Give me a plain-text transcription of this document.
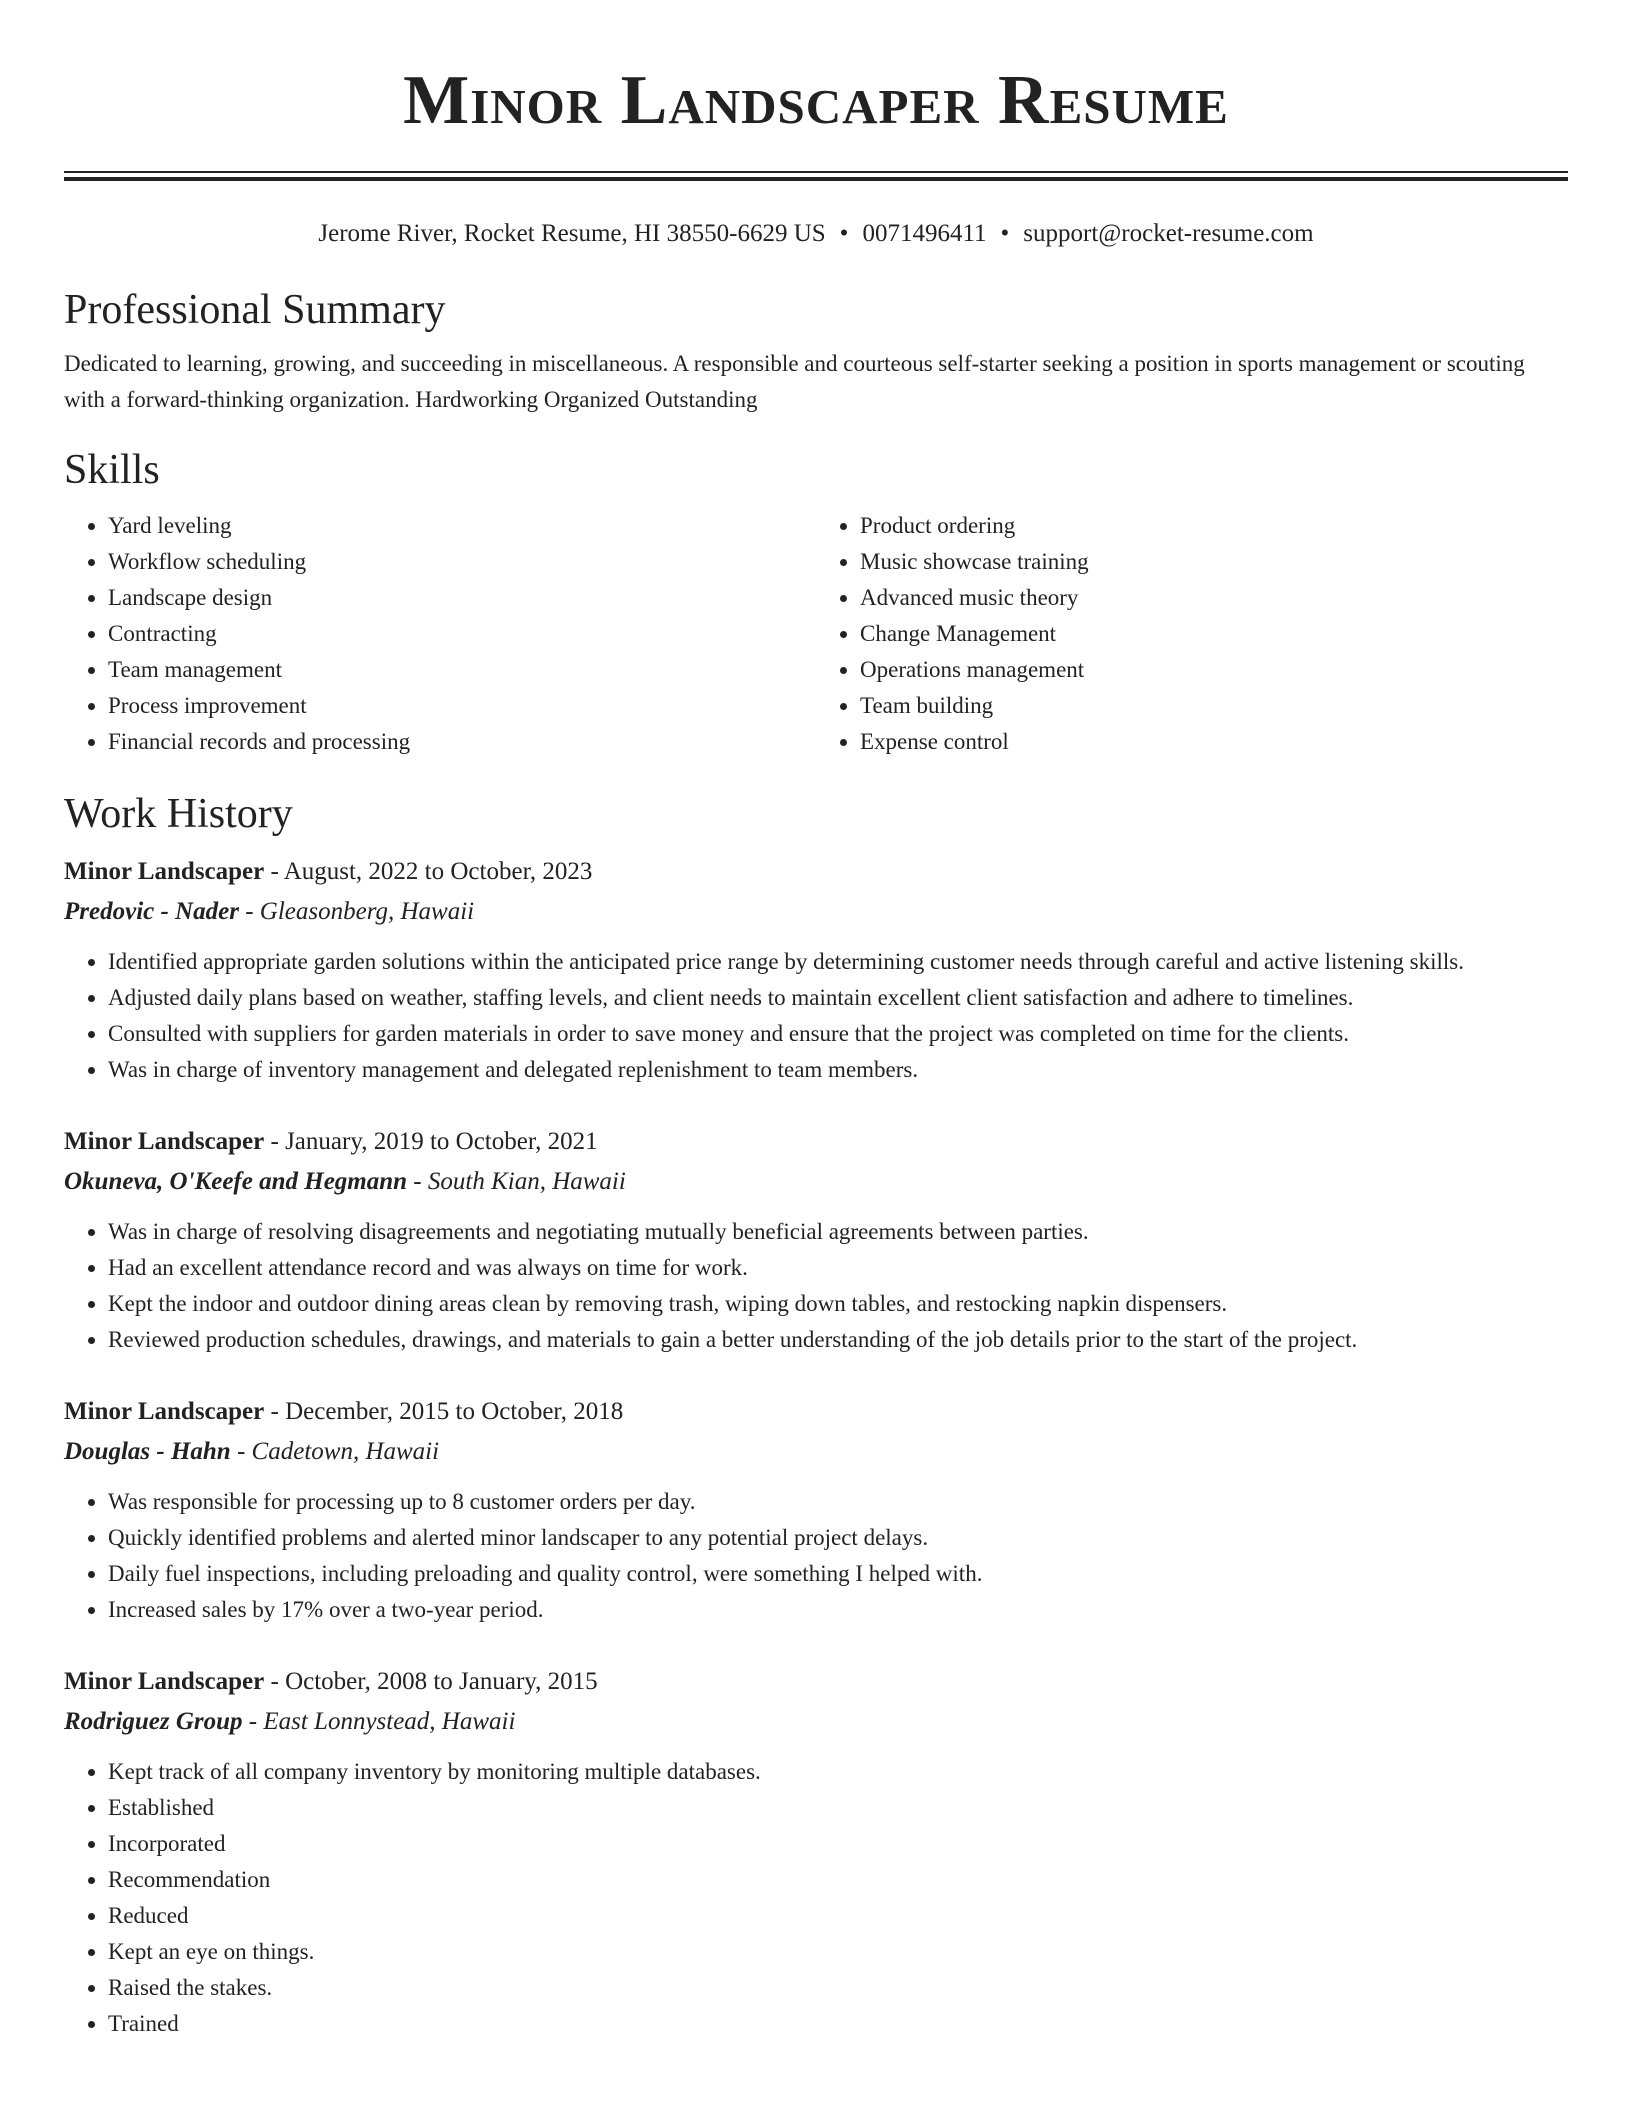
Minor Landscaper Resume
Jerome River, Rocket Resume, HI 38550-6629 US • 0071496411 • support@rocket-resume.com
Professional Summary

Dedicated to learning, growing, and succeeding in miscellaneous. A responsible and courteous self-starter seeking a position in sports management or scouting with a forward-thinking organization. Hardworking Organized Outstanding

Skills
• Yard leveling
• Workflow scheduling
• Landscape design
• Contracting
• Team management
• Process improvement
• Financial records and processing
• Product ordering
• Music showcase training
• Advanced music theory
• Change Management
• Operations management
• Team building
• Expense control
Work History
Minor Landscaper - August, 2022 to October, 2023
Predovic - Nader - Gleasonberg, Hawaii
• Identified appropriate garden solutions within the anticipated price range by determining customer needs through careful and active listening skills.
• Adjusted daily plans based on weather, staffing levels, and client needs to maintain excellent client satisfaction and adhere to timelines.
• Consulted with suppliers for garden materials in order to save money and ensure that the project was completed on time for the clients.
• Was in charge of inventory management and delegated replenishment to team members.
Minor Landscaper - January, 2019 to October, 2021
Okuneva, O'Keefe and Hegmann - South Kian, Hawaii
• Was in charge of resolving disagreements and negotiating mutually beneficial agreements between parties.
• Had an excellent attendance record and was always on time for work.
• Kept the indoor and outdoor dining areas clean by removing trash, wiping down tables, and restocking napkin dispensers.
• Reviewed production schedules, drawings, and materials to gain a better understanding of the job details prior to the start of the project.
Minor Landscaper - December, 2015 to October, 2018
Douglas - Hahn - Cadetown, Hawaii
• Was responsible for processing up to 8 customer orders per day.
• Quickly identified problems and alerted minor landscaper to any potential project delays.
• Daily fuel inspections, including preloading and quality control, were something I helped with.
• Increased sales by 17% over a two-year period.
Minor Landscaper - October, 2008 to January, 2015
Rodriguez Group - East Lonnystead, Hawaii
• Kept track of all company inventory by monitoring multiple databases.
• Established
• Incorporated
• Recommendation
• Reduced
• Kept an eye on things.
• Raised the stakes.
• Trained
